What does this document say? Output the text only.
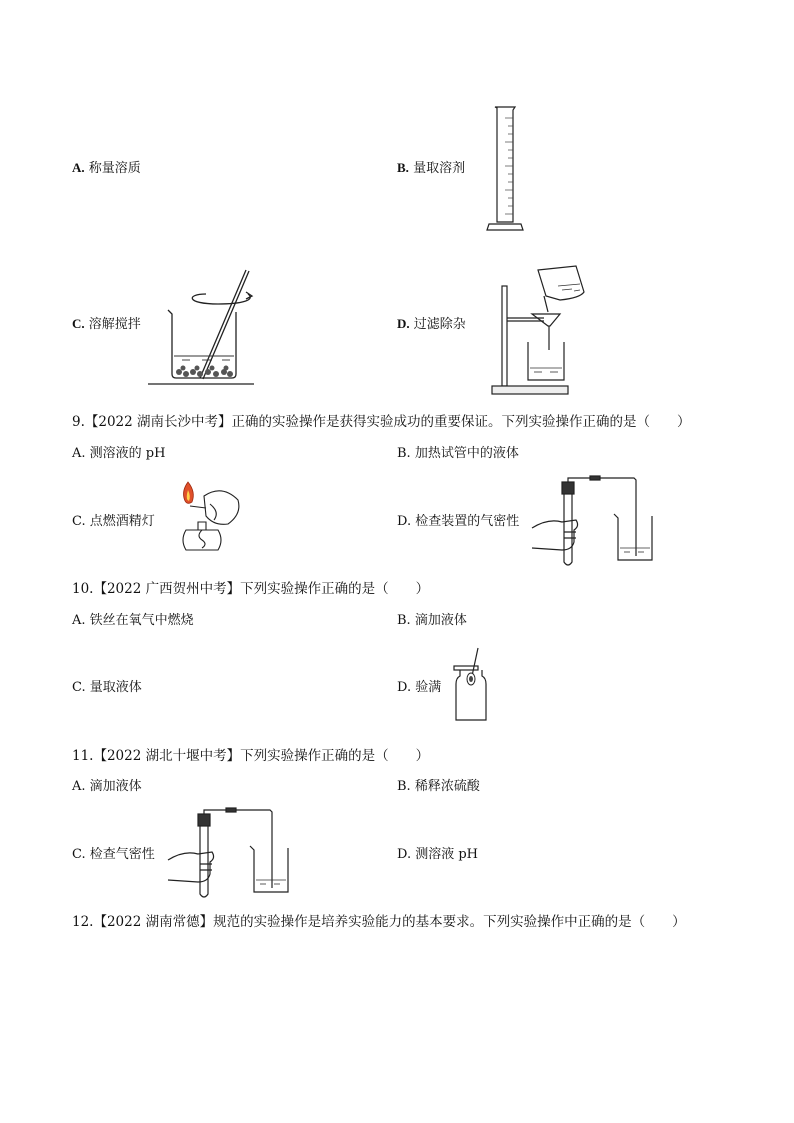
A. 称量溶质	B. 量取溶剂
C. 溶解搅拌	D. 过滤除杂
9.【2022 湖南长沙中考】正确的实验操作是获得实验成功的重要保证。下列实验操作正确的是（　　）
A. 测溶液的 pH	B. 加热试管中的液体
C. 点燃酒精灯	D. 检查装置的气密性
10.【2022 广西贺州中考】下列实验操作正确的是（　　）
A. 铁丝在氧气中燃烧	B. 滴加液体
C. 量取液体	D. 验满
11.【2022 湖北十堰中考】下列实验操作正确的是（　　）
A. 滴加液体	B. 稀释浓硫酸
C. 检查气密性	D. 测溶液 pH
12.【2022 湖南常德】规范的实验操作是培养实验能力的基本要求。下列实验操作中正确的是（　　）
